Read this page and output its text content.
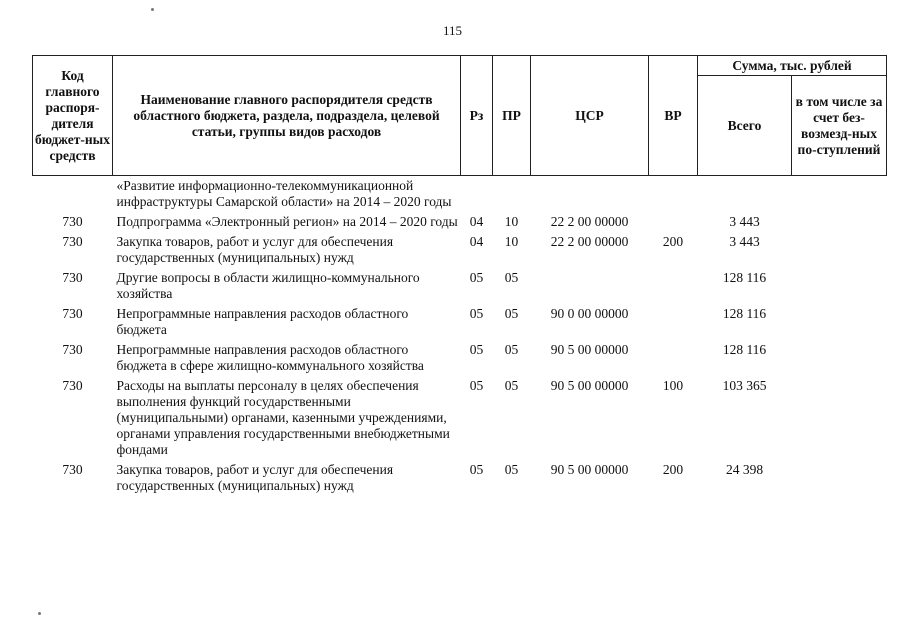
115
Код главного распоря-дителя бюджет-ных средств	Наименование главного распорядителя средств областного бюджета, раздела, подраздела, целевой статьи, группы видов расходов	Рз	ПР	ЦСР	ВР	Сумма, тыс. рублей	
						Всего	в том числе за счет без-возмезд-ных по-ступлений
	«Развитие информационно-телекоммуникационной инфраструктуры Самарской области» на 2014 – 2020 годы						
730	Подпрограмма «Электронный регион» на 2014 – 2020 годы	04	10	22 2 00 00000		3 443	
730	Закупка товаров, работ и услуг для обеспечения государственных (муниципальных) нужд	04	10	22 2 00 00000	200	3 443	
730	Другие вопросы в области жилищно-коммунального хозяйства	05	05			128 116	
730	Непрограммные направления расходов областного бюджета	05	05	90 0 00 00000		128 116	
730	Непрограммные направления расходов областного бюджета в сфере жилищно-коммунального хозяйства	05	05	90 5 00 00000		128 116	
730	Расходы на выплаты персоналу в целях обеспечения выполнения функций государственными (муниципальными) органами, казенными учреждениями, органами управления государственными внебюджетными фондами	05	05	90 5 00 00000	100	103 365	
730	Закупка товаров, работ и услуг для обеспечения государственных (муниципальных) нужд	05	05	90 5 00 00000	200	24 398	
